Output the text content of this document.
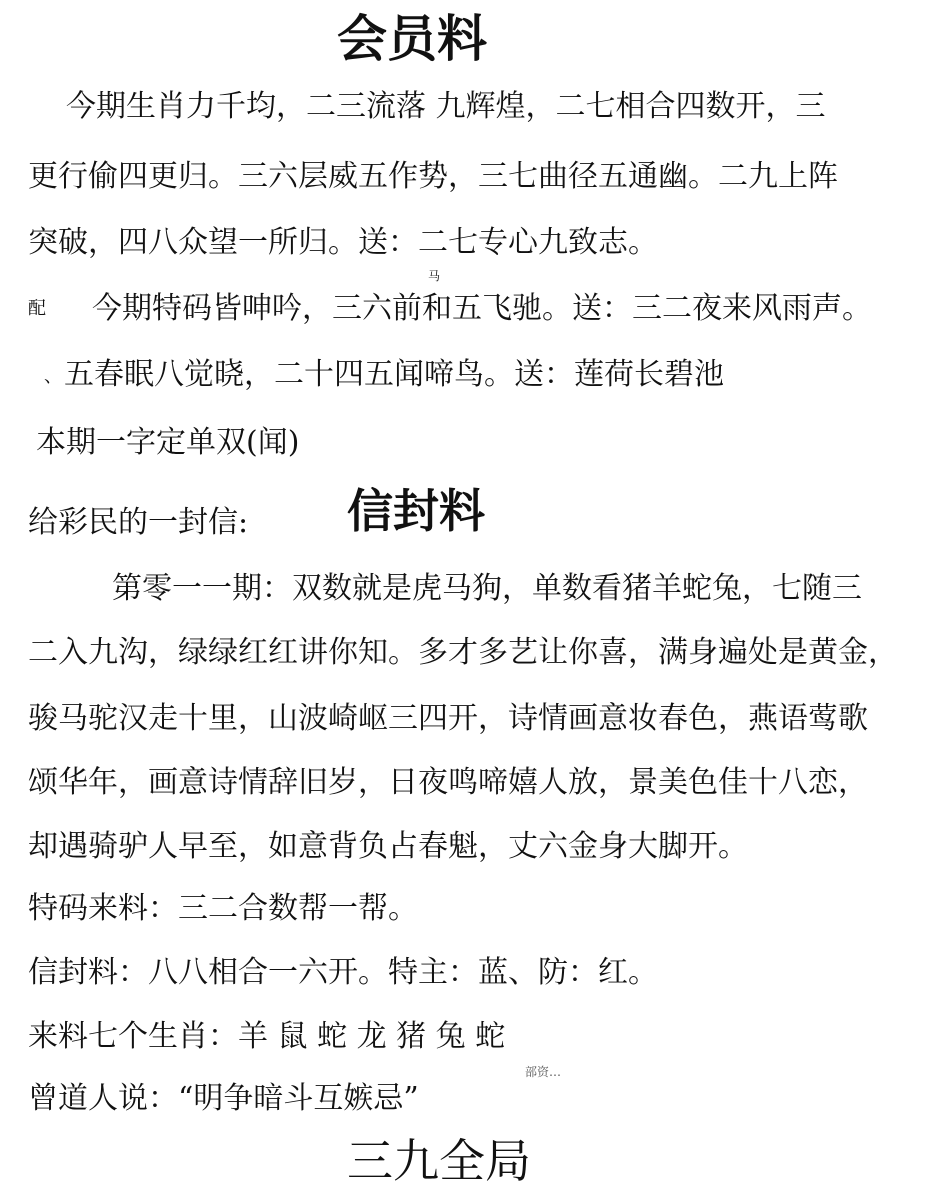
会员料
今期生肖力千均，二三流落 九辉煌，二七相合四数开，三
更行偷四更归。三六层威五作势，三七曲径五通幽。二九上阵
突破，四八众望一所归。送：二七专心九致志。
马
配 今期特码皆呻吟，三六前和五飞驰。送：三二夜来风雨声。
、 五春眠八觉晓，二十四五闻啼鸟。送：莲荷长碧池
本期一字定单双(闻)
给彩民的一封信: 信封料
第零一一期：双数就是虎马狗，单数看猪羊蛇兔，七随三
二入九沟，绿绿红红讲你知。多才多艺让你喜，满身遍处是黄金，
骏马驼汉走十里，山波崎岖三四开，诗情画意妆春色，燕语莺歌
颂华年，画意诗情辞旧岁，日夜鸣啼嬉人放，景美色佳十八恋，
却遇骑驴人早至，如意背负占春魁，丈六金身大脚开。
特码来料：三二合数帮一帮。
信封料：八八相合一六开。特主：蓝、防：红。
来料七个生肖：羊 鼠 蛇 龙 猪 兔 蛇
部资…
曾道人说：“明争暗斗互嫉忌”
三九全局
